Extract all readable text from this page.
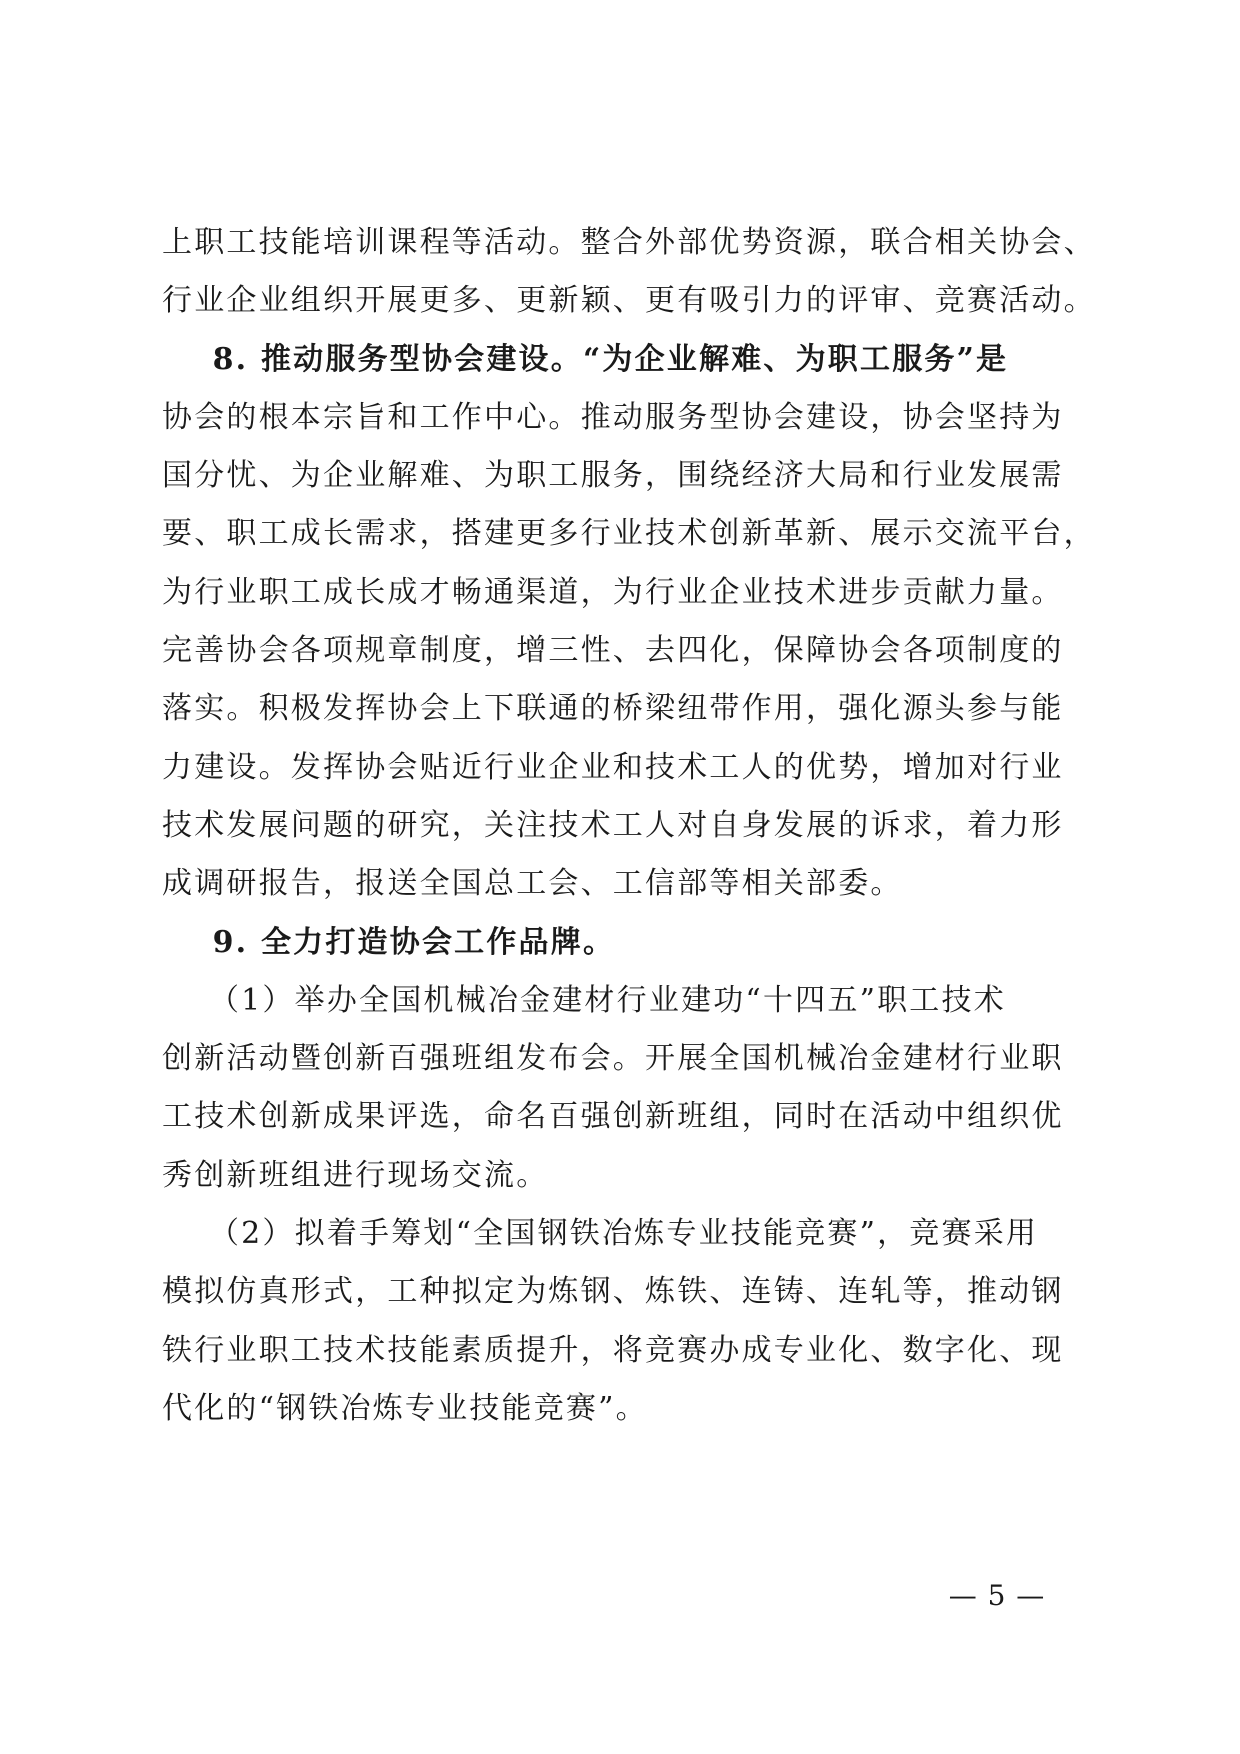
上职工技能培训课程等活动。整合外部优势资源，联合相关协会、
行业企业组织开展更多、更新颖、更有吸引力的评审、竞赛活动。
8. 推动服务型协会建设。“为企业解难、为职工服务”是
协会的根本宗旨和工作中心。推动服务型协会建设，协会坚持为
国分忧、为企业解难、为职工服务，围绕经济大局和行业发展需
要、职工成长需求，搭建更多行业技术创新革新、展示交流平台，
为行业职工成长成才畅通渠道，为行业企业技术进步贡献力量。
完善协会各项规章制度，增三性、去四化，保障协会各项制度的
落实。积极发挥协会上下联通的桥梁纽带作用，强化源头参与能
力建设。发挥协会贴近行业企业和技术工人的优势，增加对行业
技术发展问题的研究，关注技术工人对自身发展的诉求，着力形
成调研报告，报送全国总工会、工信部等相关部委。
9. 全力打造协会工作品牌。
（1）举办全国机械冶金建材行业建功“十四五”职工技术
创新活动暨创新百强班组发布会。开展全国机械冶金建材行业职
工技术创新成果评选，命名百强创新班组，同时在活动中组织优
秀创新班组进行现场交流。
（2）拟着手筹划“全国钢铁冶炼专业技能竞赛”，竞赛采用
模拟仿真形式，工种拟定为炼钢、炼铁、连铸、连轧等，推动钢
铁行业职工技术技能素质提升，将竞赛办成专业化、数字化、现
代化的“钢铁冶炼专业技能竞赛”。
— 5 —
